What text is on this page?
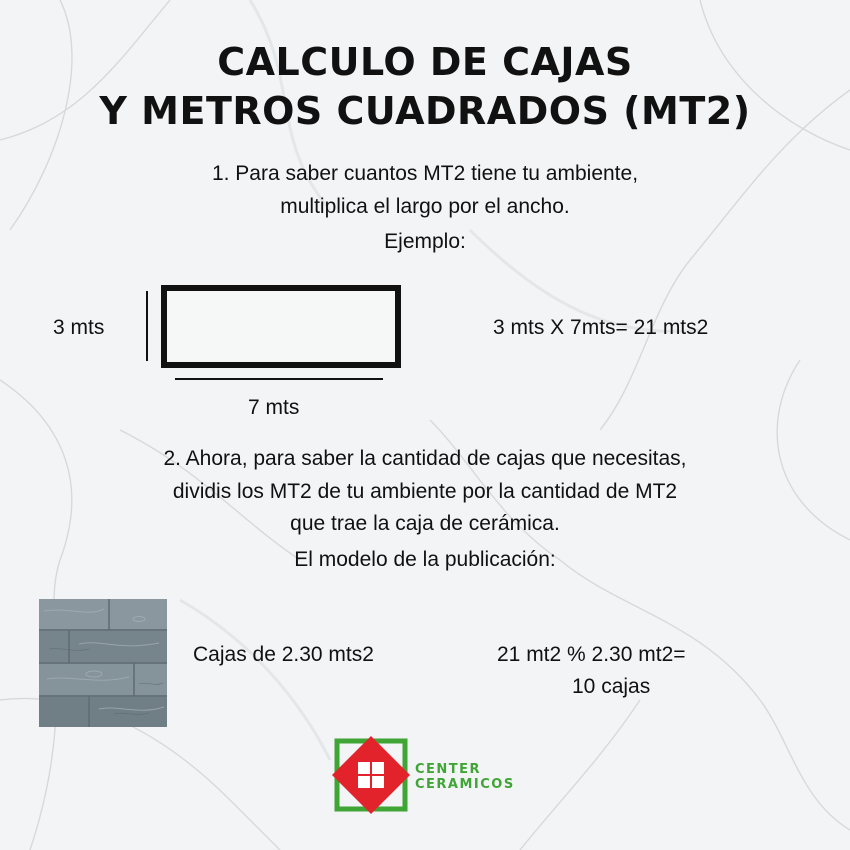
CALCULO DE CAJAS
Y METROS CUADRADOS (MT2)
1. Para saber cuantos MT2 tiene tu ambiente,
multiplica el largo por el ancho.
Ejemplo:
3 mts
7 mts
3 mts X 7mts= 21 mts2
2. Ahora, para saber la cantidad de cajas que necesitas,
dividis los MT2 de tu ambiente por la cantidad de MT2
que trae la caja de cerámica.
El modelo de la publicación:
Cajas de 2.30 mts2	21 mt2 % 2.30 mt2=
10 cajas
CENTER
CERAMICOS
